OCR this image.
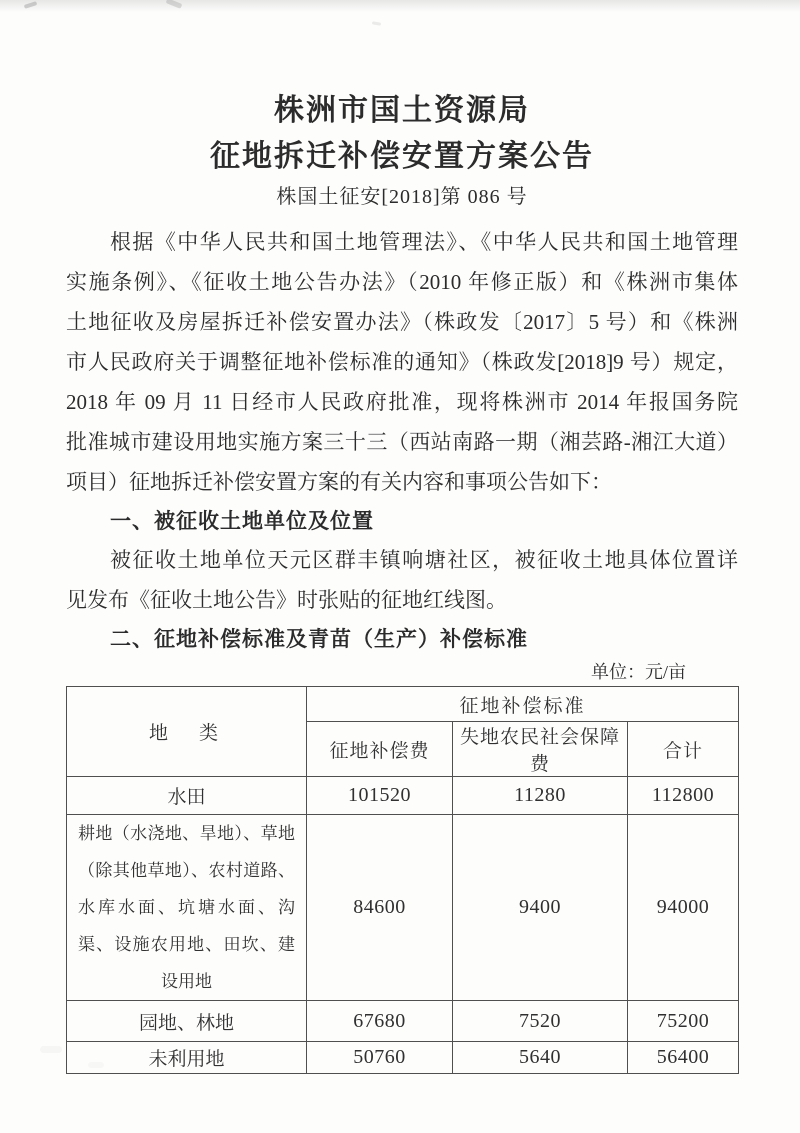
株洲市国土资源局
征地拆迁补偿安置方案公告
株国土征安[2018]第 086 号
根据《中华人民共和国土地管理法》、《中华人民共和国土地管理
实施条例》、《征收土地公告办法》（2010 年修正版）和《株洲市集体
土地征收及房屋拆迁补偿安置办法》（株政发〔2017〕5 号）和《株洲
市人民政府关于调整征地补偿标准的通知》（株政发[2018]9 号）规定，
2018 年 09 月 11 日经市人民政府批准，现将株洲市 2014 年报国务院
批准城市建设用地实施方案三十三（西站南路一期（湘芸路-湘江大道）
项目）征地拆迁补偿安置方案的有关内容和事项公告如下：
一、被征收土地单位及位置
被征收土地单位天元区群丰镇响塘社区，被征收土地具体位置详
见发布《征收土地公告》时张贴的征地红线图。
二、征地补偿标准及青苗（生产）补偿标准
单位：元/亩
地　类	征地补偿标准		
	征地补偿费	失地农民社会保障费	合计
水田	101520	11280	112800
耕地（水浇地、旱地）、草地（除其他草地）、农村道路、水库水面、坑塘水面、沟渠、设施农用地、田坎、建设用地	84600	9400	94000
园地、林地	67680	7520	75200
未利用地	50760	5640	56400
